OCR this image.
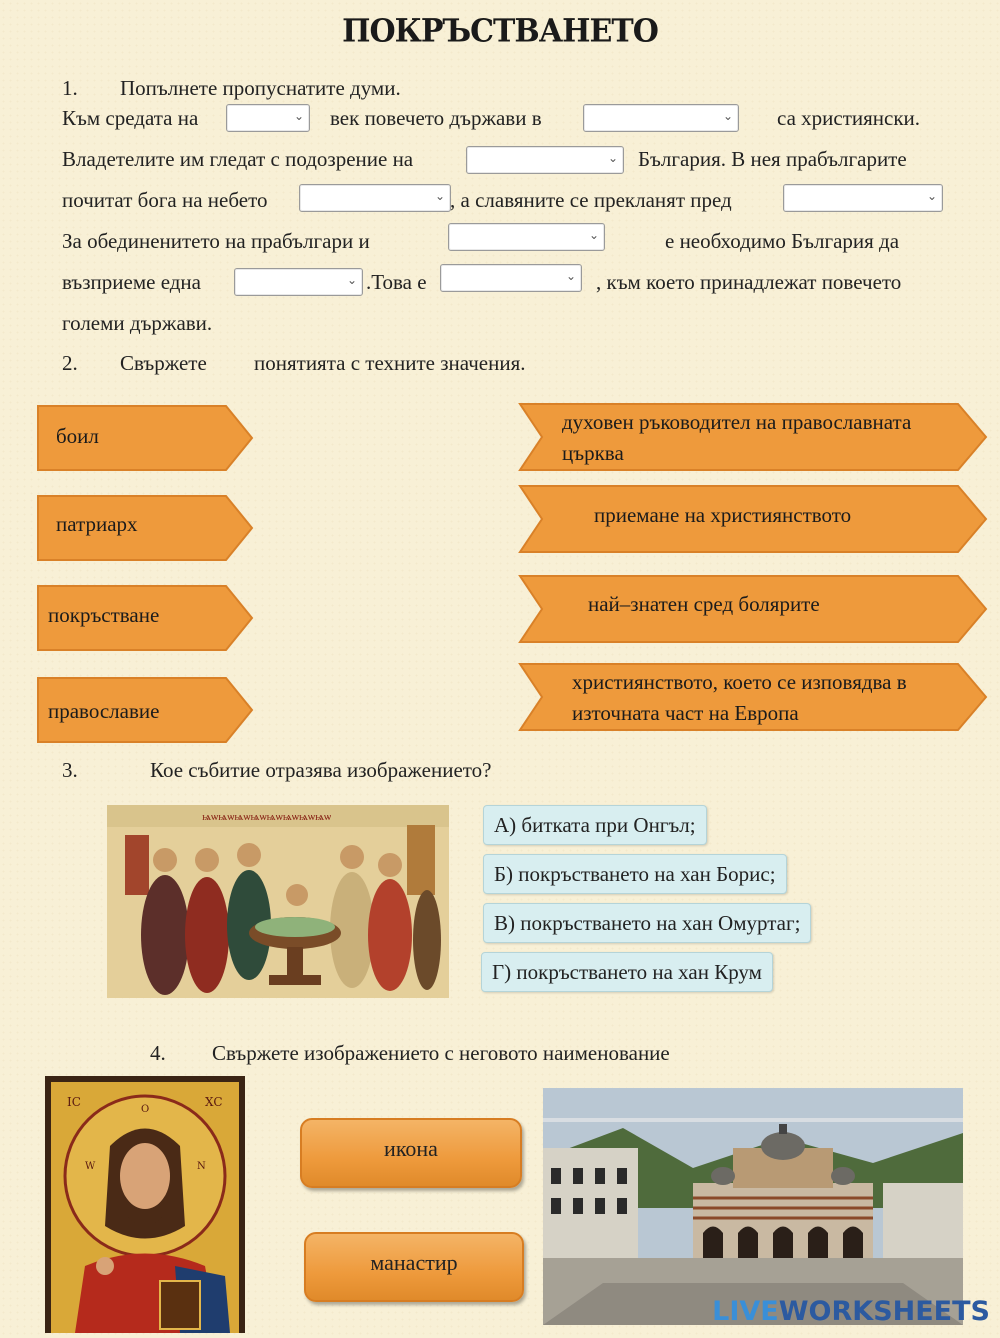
ПОКРЪСТВАНЕТО
1. Попълнете пропуснатите думи.
Към средата на	⌄ век повечето държави в	⌄ са християнски.
Владетелите им гледат с подозрение на	⌄ България. В нея прабългарите
почитат бога на небето	⌄ , а славяните се прекланят пред	⌄
За обединенитето на прабългари и	⌄	е необходимо България да
възприеме една	⌄ .Това е	⌄ , към което принадлежат повечето
големи държави.
2. Свържете понятията с техните значения.
боил
патриарх
покръстване
православие
духовен ръководител на православната
църква
приемане на християнството
най–знатен сред болярите
християнството, което се изповядва в
източната част на Европа
3.	Кое събитие отразява изображението?
ѩѡѩѡѩѡѩѡѩѡѩѡѩѡѩѡ	А) битката при Онгъл;
Б) покръстването на хан Борис;
В) покръстването на хан Омуртаг;
Г) покръстването на хан Крум
4. Свържете изображението с неговото наименование
IC	XC
O
W	N
икона
манастир
LIVEWORKSHEETS
